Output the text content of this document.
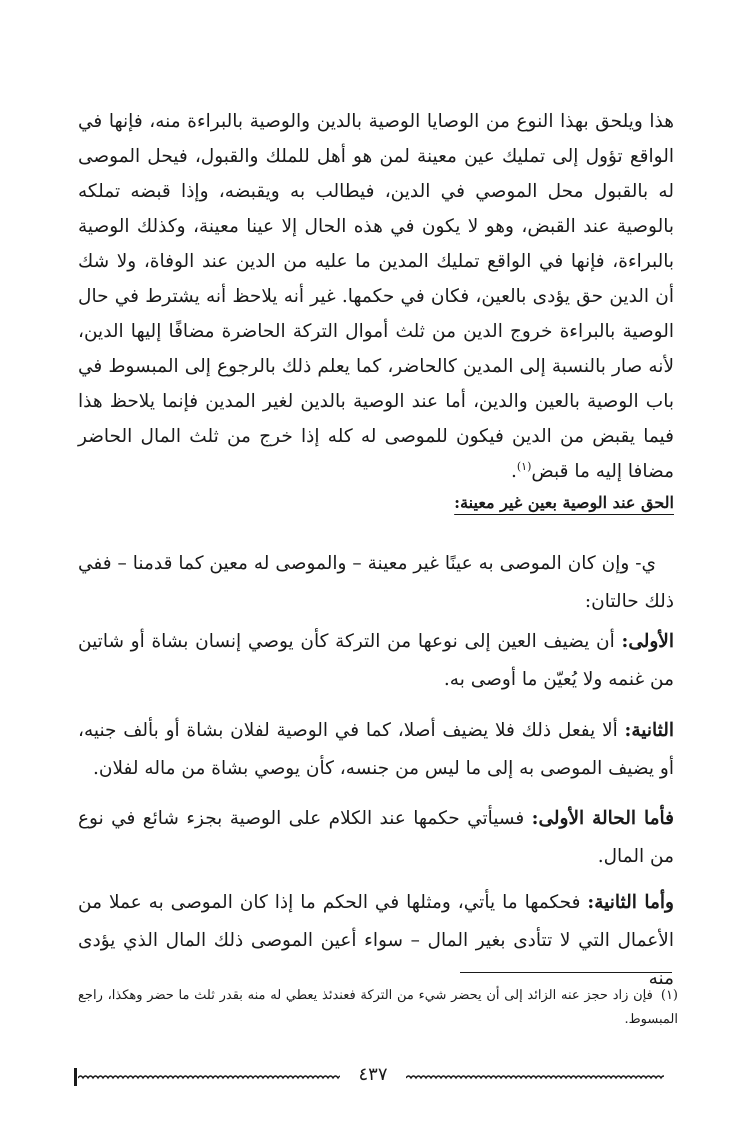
هذا ويلحق بهذا النوع من الوصايا الوصية بالدين والوصية بالبراءة منه، فإنها في الواقع تؤول إلى تمليك عين معينة لمن هو أهل للملك والقبول، فيحل الموصى له بالقبول محل الموصي في الدين، فيطالب به ويقبضه، وإذا قبضه تملكه بالوصية عند القبض، وهو لا يكون في هذه الحال إلا عينا معينة، وكذلك الوصية بالبراءة، فإنها في الواقع تمليك المدين ما عليه من الدين عند الوفاة، ولا شك أن الدين حق يؤدى بالعين، فكان في حكمها. غير أنه يلاحظ أنه يشترط في حال الوصية بالبراءة خروج الدين من ثلث أموال التركة الحاضرة مضافًا إليها الدين، لأنه صار بالنسبة إلى المدين كالحاضر، كما يعلم ذلك بالرجوع إلى المبسوط في باب الوصية بالعين والدين، أما عند الوصية بالدين لغير المدين فإنما يلاحظ هذا فيما يقبض من الدين فيكون للموصى له كله إذا خرج من ثلث المال الحاضر مضافا إليه ما قبض$^{(١)}$.

الحق عند الوصية بعين غير معينة:

ي- وإن كان الموصى به عينًا غير معينة – والموصى له معين كما قدمنا – ففي ذلك حالتان:

الأولى: أن يضيف العين إلى نوعها من التركة كأن يوصي إنسان بشاة أو شاتين من غنمه ولا يُعيّن ما أوصى به.

الثانية: ألا يفعل ذلك فلا يضيف أصلا، كما في الوصية لفلان بشاة أو بألف جنيه، أو يضيف الموصى به إلى ما ليس من جنسه، كأن يوصي بشاة من ماله لفلان.

فأما الحالة الأولى: فسيأتي حكمها عند الكلام على الوصية بجزء شائع في نوع من المال.

وأما الثانية: فحكمها ما يأتي، ومثلها في الحكم ما إذا كان الموصى به عملا من الأعمال التي لا تتأدى بغير المال – سواء أعين الموصى ذلك المال الذي يؤدى منه

(١)فإن زاد حجز عنه الزائد إلى أن يحضر شيء من التركة فعندئذ يعطي له منه بقدر ثلث ما حضر وهكذا، راجع المبسوط.

٤٣٧
